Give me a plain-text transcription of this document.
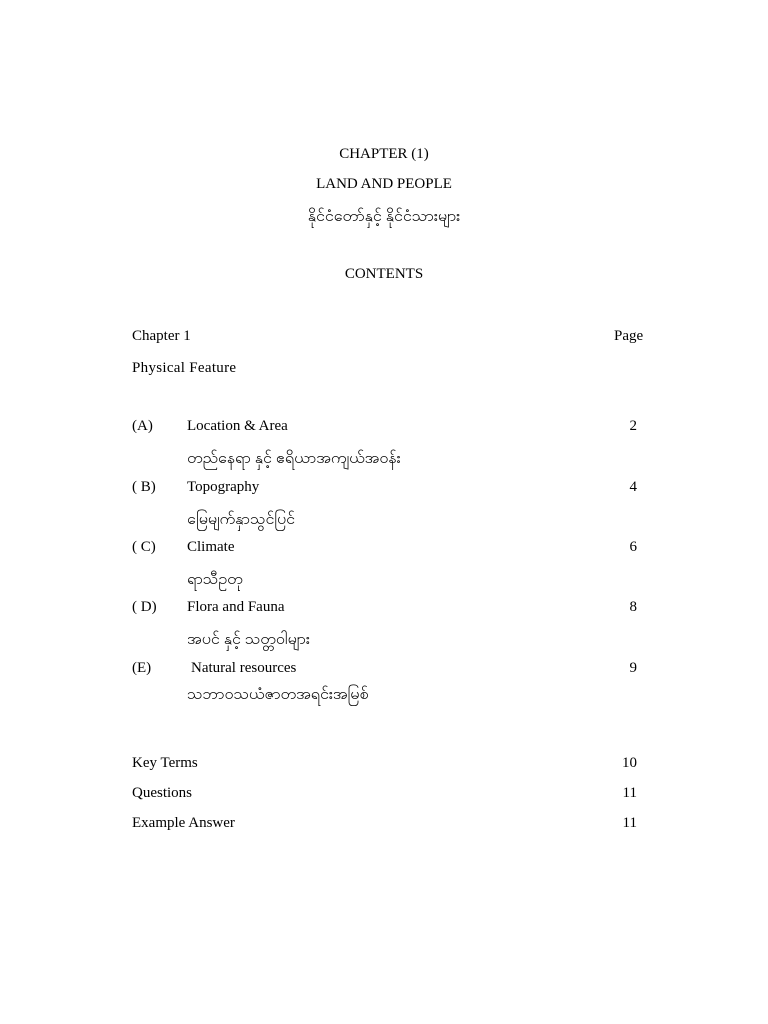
CHAPTER (1)
LAND AND PEOPLE
နိုင်ငံတော်နှင့် နိုင်ငံသားများ
CONTENTS
Chapter 1	Page
Physical Feature
(A) Location & Area	2
တည်နေရာ နှင့် ဧရိယာအကျယ်အဝန်း
( B) Topography	4
မြေမျက်နှာသွင်ပြင်
( C) Climate	6
ရာသီဥတု
( D) Flora and Fauna	8
အပင် နှင့် သတ္တဝါများ
(E)	Natural resources	9
သဘာဝသယံဇာတအရင်းအမြစ်
Key Terms	10
Questions	11
Example Answer	11
